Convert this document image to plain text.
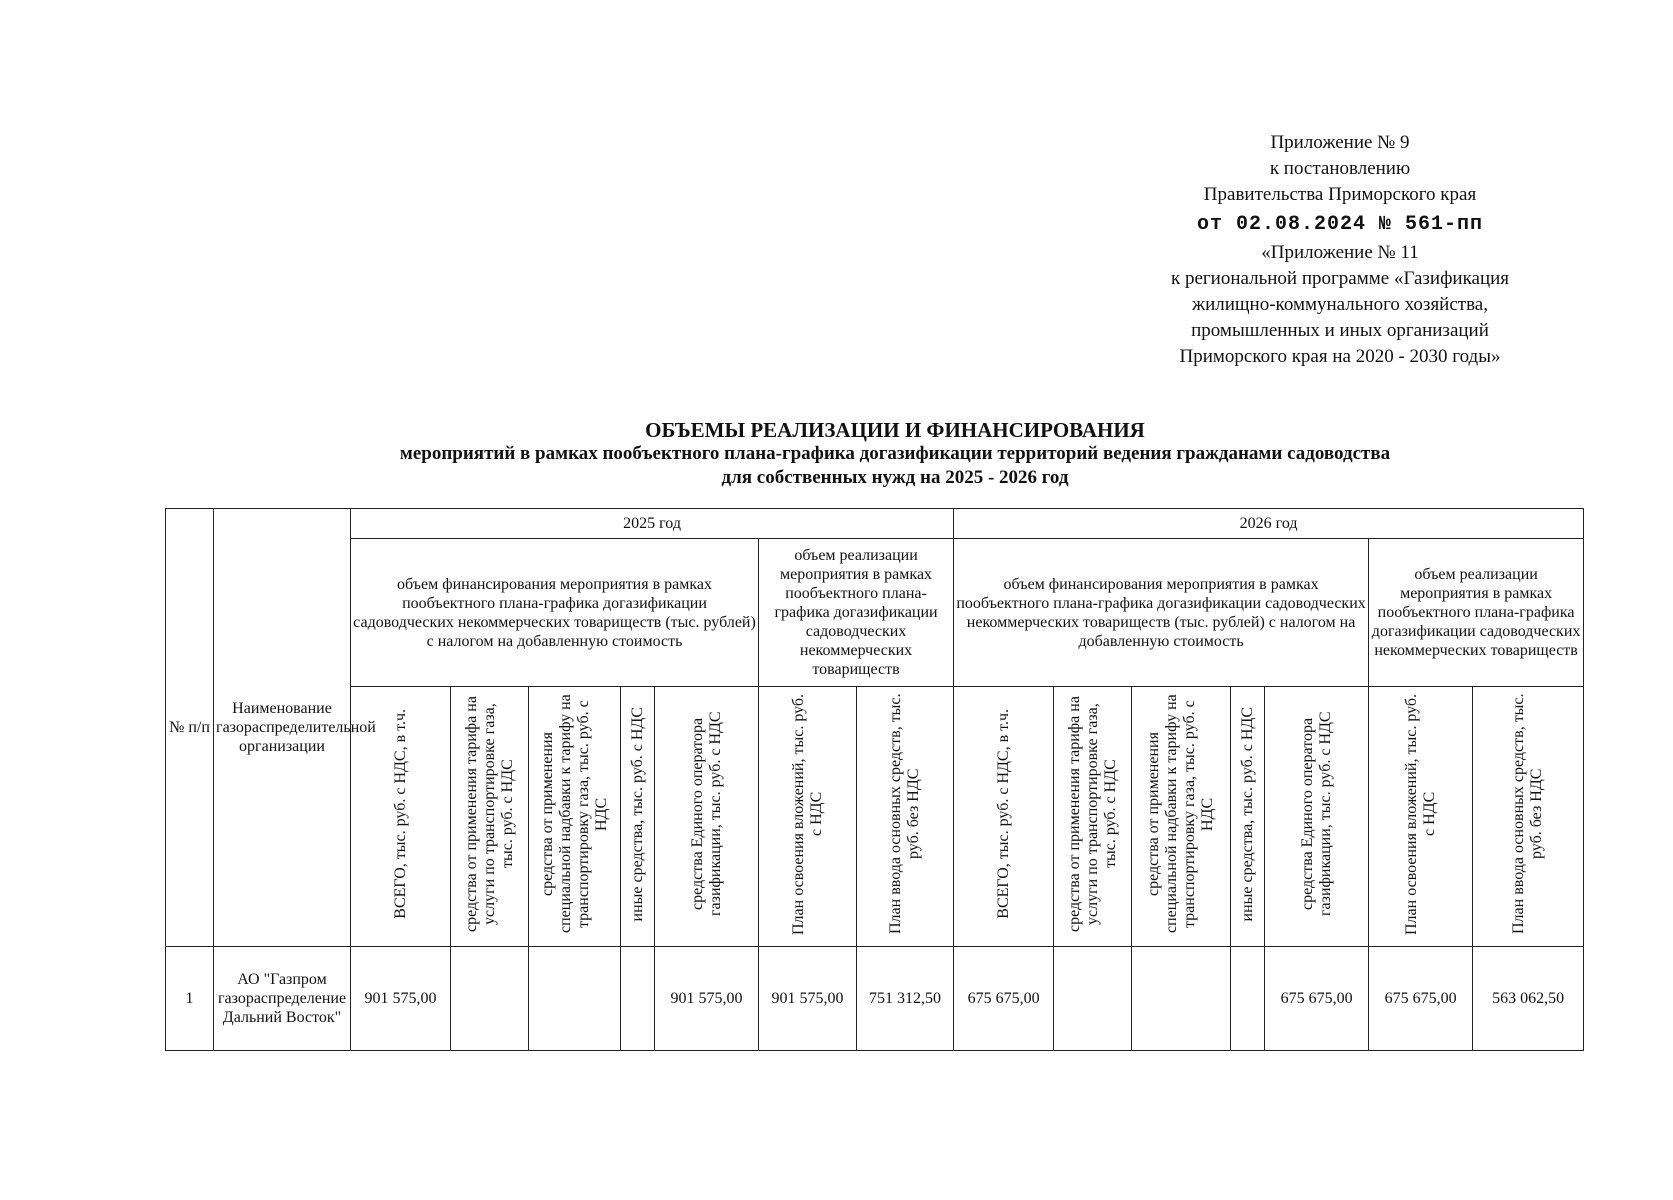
Приложение № 9
к постановлению
Правительства Приморского края
от 02.08.2024 № 561-пп
«Приложение № 11
к региональной программе «Газификация
жилищно-коммунального хозяйства,
промышленных и иных организаций
Приморского края на 2020 - 2030 годы»
ОБЪЕМЫ РЕАЛИЗАЦИИ И ФИНАНСИРОВАНИЯ
мероприятий в рамках пообъектного плана-графика догазификации территорий ведения гражданами садоводства
для собственных нужд на 2025 - 2026 год
№ п/п	Наименование газораспределительной организации	2025 год							2026 год						
		объем финансирования мероприятия в рамках пообъектного плана-графика догазификации садоводческих некоммерческих товариществ (тыс. рублей) с налогом на добавленную стоимость					объем реализации мероприятия в рамках пообъектного плана-графика догазификации садоводческих некоммерческих товариществ		объем финансирования мероприятия в рамках пообъектного плана-графика догазификации садоводческих некоммерческих товариществ (тыс. рублей) с налогом на добавленную стоимость					объем реализации мероприятия в рамках пообъектного плана-графика догазификации садоводческих некоммерческих товариществ	
		ВСЕГО, тыс. руб. с НДС, в т.ч.	средства от применения тарифа на услуги по транспортировке газа, тыс. руб. с НДС	средства от применения специальной надбавки к тарифу на транспортировку газа, тыс. руб. с НДС	иные средства, тыс. руб. с НДС	средства Единого оператора газификации, тыс. руб. с НДС	План освоения вложений, тыс. руб. с НДС	План ввода основных средств, тыс. руб. без НДС	ВСЕГО, тыс. руб. с НДС, в т.ч.	средства от применения тарифа на услуги по транспортировке газа, тыс. руб. с НДС	средства от применения специальной надбавки к тарифу на транспортировку газа, тыс. руб. с НДС	иные средства, тыс. руб. с НДС	средства Единого оператора газификации, тыс. руб. с НДС	План освоения вложений, тыс. руб. с НДС	План ввода основных средств, тыс. руб. без НДС
1	АО "Газпром газораспределение Дальний Восток"	901 575,00				901 575,00	901 575,00	751 312,50	675 675,00				675 675,00	675 675,00	563 062,50
